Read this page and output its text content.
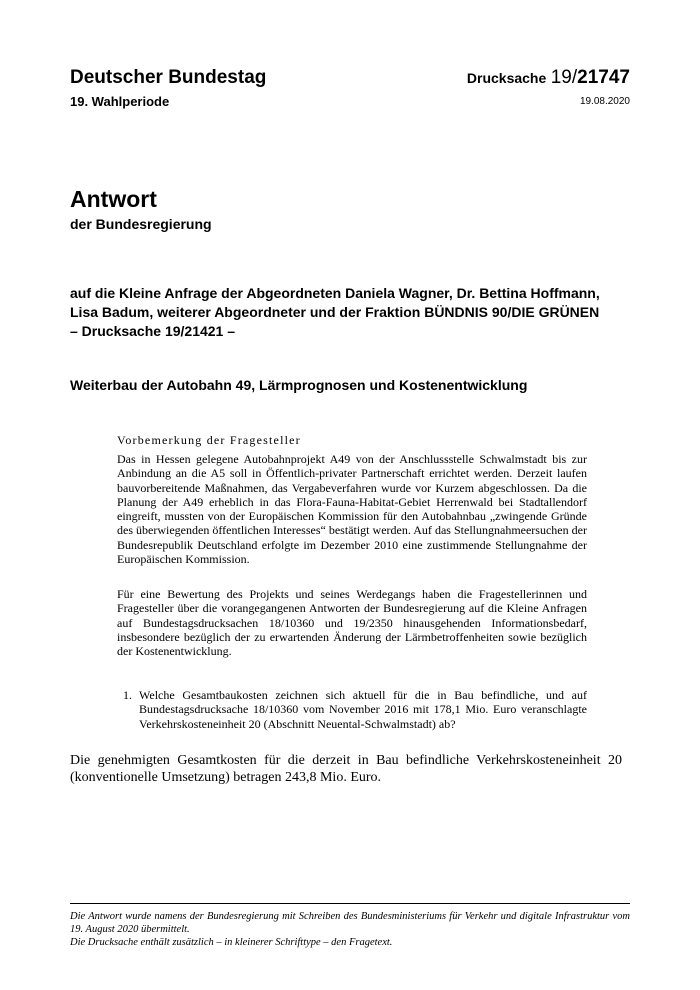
Deutscher Bundestag
19. Wahlperiode
Drucksache 19/21747
19.08.2020
Antwort
der Bundesregierung
auf die Kleine Anfrage der Abgeordneten Daniela Wagner, Dr. Bettina Hoffmann,
Lisa Badum, weiterer Abgeordneter und der Fraktion BÜNDNIS 90/DIE GRÜNEN
– Drucksache 19/21421 –
Weiterbau der Autobahn 49, Lärmprognosen und Kostenentwicklung
Vorbemerkung der Fragesteller
Das in Hessen gelegene Autobahnprojekt A49 von der Anschlussstelle Schwalmstadt bis zur Anbindung an die A5 soll in Öffentlich-privater Partnerschaft errichtet werden. Derzeit laufen bauvorbereitende Maßnahmen, das Vergabeverfahren wurde vor Kurzem abgeschlossen. Da die Planung der A49 erheblich in das Flora-Fauna-Habitat-Gebiet Herrenwald bei Stadtallendorf eingreift, mussten von der Europäischen Kommission für den Autobahnbau „zwingende Gründe des überwiegenden öffentlichen Interesses“ bestätigt werden. Auf das Stellungnahmeersuchen der Bundesrepublik Deutschland erfolgte im Dezember 2010 eine zustimmende Stellungnahme der Europäischen Kommission.
Für eine Bewertung des Projekts und seines Werdegangs haben die Fragestellerinnen und Fragesteller über die vorangegangenen Antworten der Bundesregierung auf die Kleine Anfragen auf Bundestagsdrucksachen 18/10360 und 19/2350 hinausgehenden Informationsbedarf, insbesondere bezüglich der zu erwartenden Änderung der Lärmbetroffenheiten sowie bezüglich der Kostenentwicklung.
1. Welche Gesamtbaukosten zeichnen sich aktuell für die in Bau befindliche, und auf Bundestagsdrucksache 18/10360 vom November 2016 mit 178,1 Mio. Euro veranschlagte Verkehrskosteneinheit 20 (Abschnitt Neuental-Schwalmstadt) ab?
Die genehmigten Gesamtkosten für die derzeit in Bau befindliche Verkehrskosteneinheit 20 (konventionelle Umsetzung) betragen 243,8 Mio. Euro.

Die Antwort wurde namens der Bundesregierung mit Schreiben des Bundesministeriums für Verkehr und digitale Infrastruktur vom 19. August 2020 übermittelt.

Die Drucksache enthält zusätzlich – in kleinerer Schrifttype – den Fragetext.
